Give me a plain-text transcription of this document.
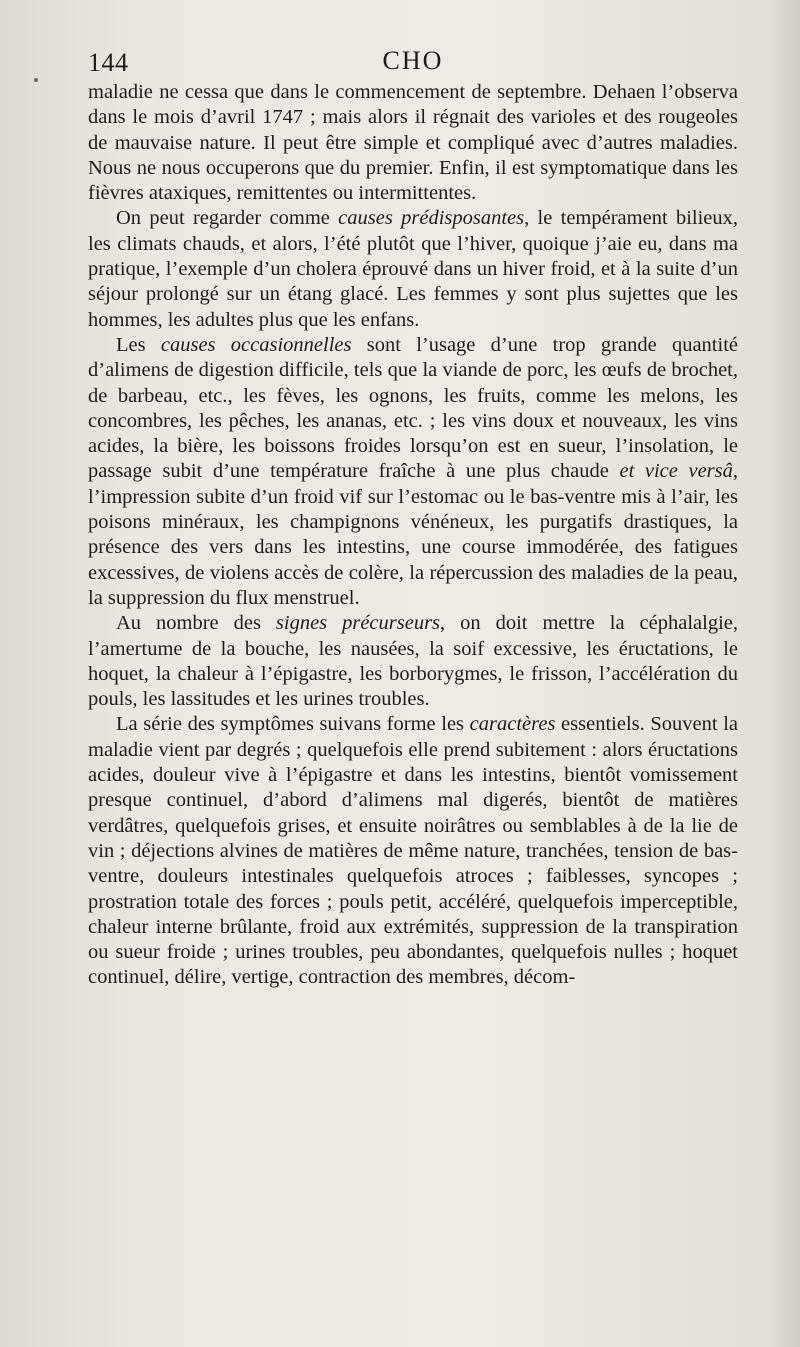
144	CHO

maladie ne cessa que dans le commencement de septembre. Dehaen l’observa dans le mois d’avril 1747 ; mais alors il régnait des varioles et des rougeoles de mauvaise nature. Il peut être simple et compliqué avec d’autres maladies. Nous ne nous occuperons que du premier. Enfin, il est symptomatique dans les fièvres ataxiques, remittentes ou intermittentes.

On peut regarder comme causes prédisposantes, le tempérament bilieux, les climats chauds, et alors, l’été plutôt que l’hiver, quoique j’aie eu, dans ma pratique, l’exemple d’un cholera éprouvé dans un hiver froid, et à la suite d’un séjour prolongé sur un étang glacé. Les femmes y sont plus sujettes que les hommes, les adultes plus que les enfans.

Les causes occasionnelles sont l’usage d’une trop grande quantité d’alimens de digestion difficile, tels que la viande de porc, les œufs de brochet, de barbeau, etc., les fèves, les ognons, les fruits, comme les melons, les concombres, les pêches, les ananas, etc. ; les vins doux et nouveaux, les vins acides, la bière, les boissons froides lorsqu’on est en sueur, l’insolation, le passage subit d’une température fraîche à une plus chaude et vice versâ, l’impression subite d’un froid vif sur l’estomac ou le bas-ventre mis à l’air, les poisons minéraux, les champignons vénéneux, les purgatifs drastiques, la présence des vers dans les intestins, une course immodérée, des fatigues excessives, de violens accès de colère, la répercussion des maladies de la peau, la suppression du flux menstruel.

Au nombre des signes précurseurs, on doit mettre la céphalalgie, l’amertume de la bouche, les nausées, la soif excessive, les éructations, le hoquet, la chaleur à l’épigastre, les borborygmes, le frisson, l’accélération du pouls, les lassitudes et les urines troubles.

La série des symptômes suivans forme les caractères essentiels. Souvent la maladie vient par degrés ; quelquefois elle prend subitement : alors éructations acides, douleur vive à l’épigastre et dans les intestins, bientôt vomissement presque continuel, d’abord d’alimens mal digerés, bientôt de matières verdâtres, quelquefois grises, et ensuite noirâtres ou semblables à de la lie de vin ; déjections alvines de matières de même nature, tranchées, tension de bas-ventre, douleurs intestinales quelquefois atroces ; faiblesses, syncopes ; prostration totale des forces ; pouls petit, accéléré, quelquefois imperceptible, chaleur interne brûlante, froid aux extrémités, suppression de la transpiration ou sueur froide ; urines troubles, peu abondantes, quelquefois nulles ; hoquet continuel, délire, vertige, contraction des membres, décom-
